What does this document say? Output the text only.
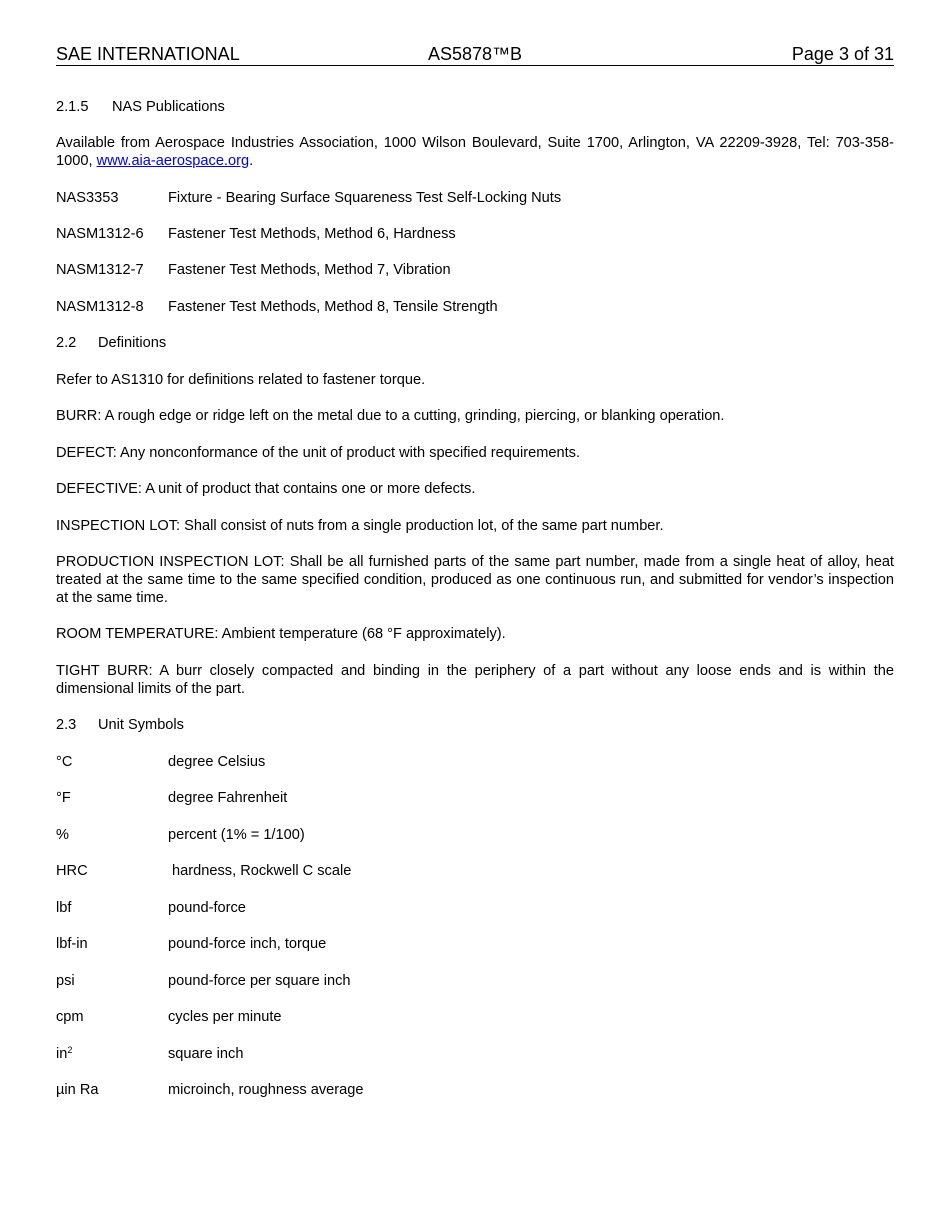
SAE INTERNATIONAL	AS5878™B	Page 3 of 31
2.1.5 NAS Publications
Available from Aerospace Industries Association, 1000 Wilson Boulevard, Suite 1700, Arlington, VA 22209-3928, Tel: 703-358-1000, www.aia-aerospace.org.
NAS3353	Fixture - Bearing Surface Squareness Test Self-Locking Nuts
NASM1312-6 Fastener Test Methods, Method 6, Hardness
NASM1312-7 Fastener Test Methods, Method 7, Vibration
NASM1312-8 Fastener Test Methods, Method 8, Tensile Strength
2.2 Definitions
Refer to AS1310 for definitions related to fastener torque.
BURR: A rough edge or ridge left on the metal due to a cutting, grinding, piercing, or blanking operation.
DEFECT: Any nonconformance of the unit of product with specified requirements.
DEFECTIVE: A unit of product that contains one or more defects.
INSPECTION LOT: Shall consist of nuts from a single production lot, of the same part number.
PRODUCTION INSPECTION LOT: Shall be all furnished parts of the same part number, made from a single heat of alloy, heat treated at the same time to the same specified condition, produced as one continuous run, and submitted for vendor’s inspection at the same time.
ROOM TEMPERATURE: Ambient temperature (68 °F approximately).
TIGHT BURR: A burr closely compacted and binding in the periphery of a part without any loose ends and is within the dimensional limits of the part.
2.3 Unit Symbols
°C	degree Celsius
°F	degree Fahrenheit
%	percent (1% = 1/100)
HRC	hardness, Rockwell C scale
lbf	pound-force
lbf-in	pound-force inch, torque
psi	pound-force per square inch
cpm	cycles per minute
$in^2$	square inch
µin Ra	microinch, roughness average
